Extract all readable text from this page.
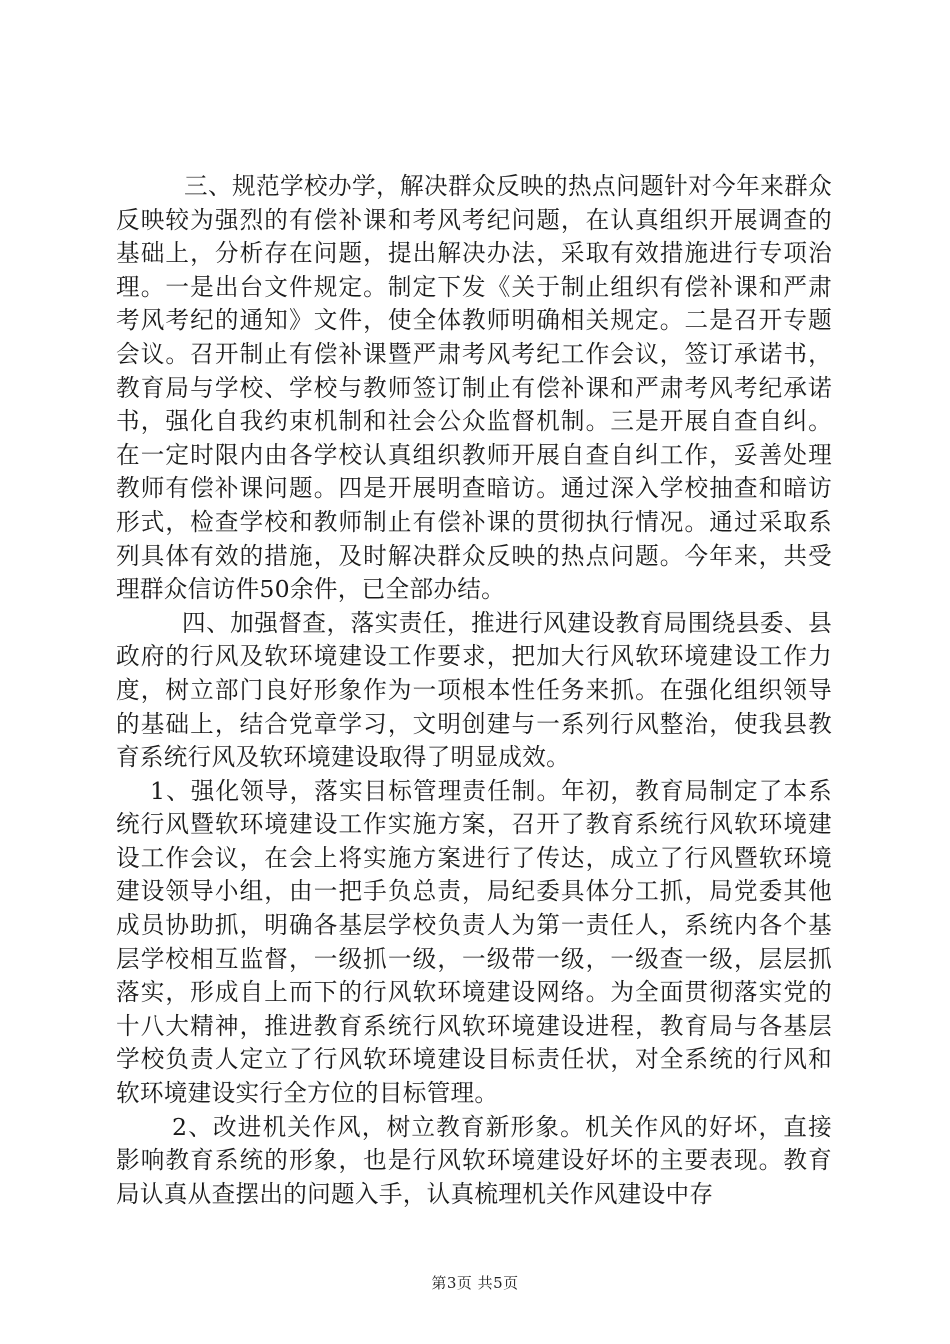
三、规范学校办学，解决群众反映的热点问题针对今年来群众反映较为强烈的有偿补课和考风考纪问题，在认真组织开展调查的基础上，分析存在问题，提出解决办法，采取有效措施进行专项治理。一是出台文件规定。制定下发《关于制止组织有偿补课和严肃考风考纪的通知》文件，使全体教师明确相关规定。二是召开专题会议。召开制止有偿补课暨严肃考风考纪工作会议，签订承诺书，教育局与学校、学校与教师签订制止有偿补课和严肃考风考纪承诺书，强化自我约束机制和社会公众监督机制。三是开展自查自纠。在一定时限内由各学校认真组织教师开展自查自纠工作，妥善处理教师有偿补课问题。四是开展明查暗访。通过深入学校抽查和暗访形式，检查学校和教师制止有偿补课的贯彻执行情况。通过采取系列具体有效的措施，及时解决群众反映的热点问题。今年来，共受理群众信访件50余件，已全部办结。

四、加强督查，落实责任，推进行风建设教育局围绕县委、县政府的行风及软环境建设工作要求，把加大行风软环境建设工作力度，树立部门良好形象作为一项根本性任务来抓。在强化组织领导的基础上，结合党章学习，文明创建与一系列行风整治，使我县教育系统行风及软环境建设取得了明显成效。

1、强化领导，落实目标管理责任制。年初，教育局制定了本系统行风暨软环境建设工作实施方案，召开了教育系统行风软环境建设工作会议，在会上将实施方案进行了传达，成立了行风暨软环境建设领导小组，由一把手负总责，局纪委具体分工抓，局党委其他成员协助抓，明确各基层学校负责人为第一责任人，系统内各个基层学校相互监督，一级抓一级，一级带一级，一级查一级，层层抓落实，形成自上而下的行风软环境建设网络。为全面贯彻落实党的十八大精神，推进教育系统行风软环境建设进程，教育局与各基层学校负责人定立了行风软环境建设目标责任状，对全系统的行风和软环境建设实行全方位的目标管理。

2、改进机关作风，树立教育新形象。机关作风的好坏，直接影响教育系统的形象，也是行风软环境建设好坏的主要表现。教育局认真从查摆出的问题入手，认真梳理机关作风建设中存

第3页 共5页
